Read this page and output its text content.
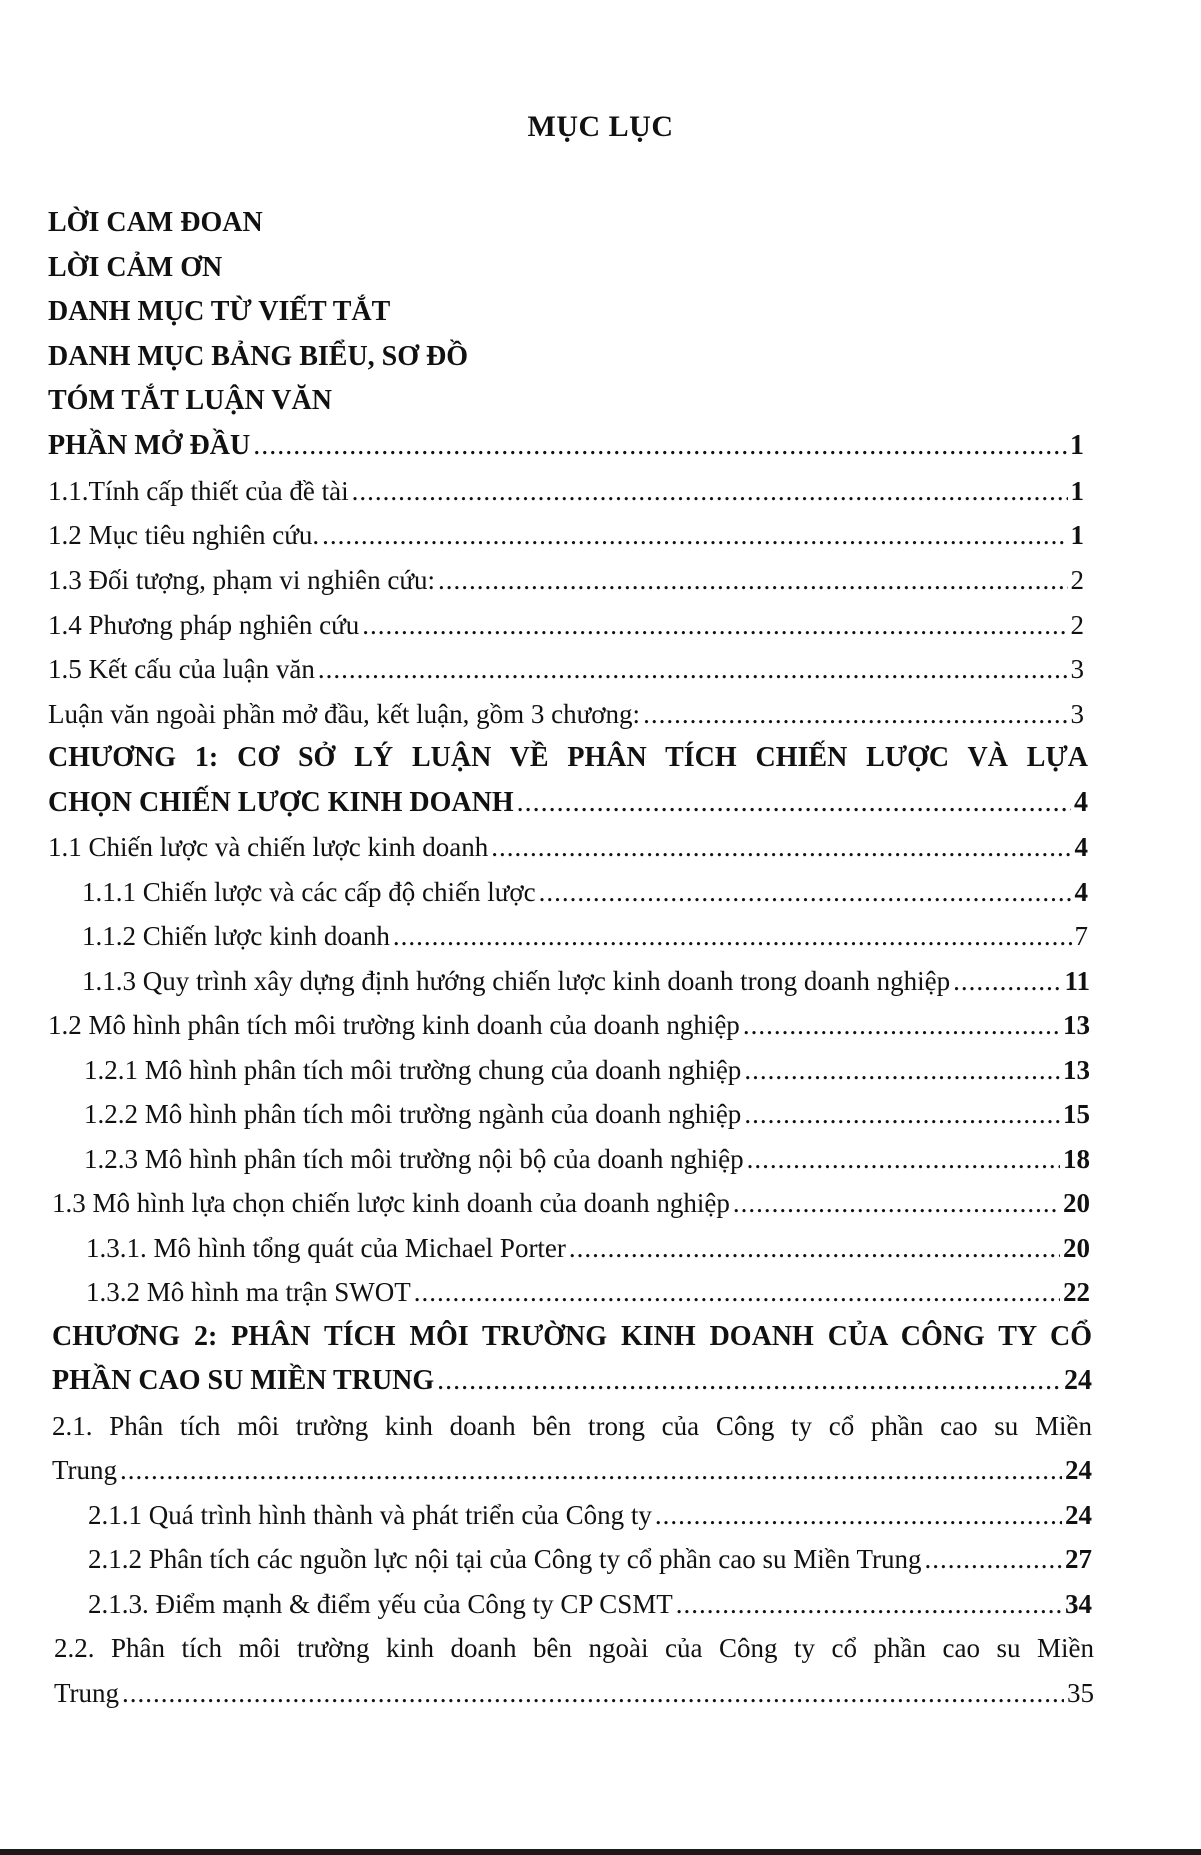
MỤC LỤC
LỜI CAM ĐOAN
LỜI CẢM ƠN
DANH MỤC TỪ VIẾT TẮT
DANH MỤC BẢNG BIỂU, SƠ ĐỒ
TÓM TẮT LUẬN VĂN
PHẦN MỞ ĐẦU .....	1
1.1.Tính cấp thiết của đề tài .....	1
1.2 Mục tiêu nghiên cứu. .....	1
1.3 Đối tượng, phạm vi nghiên cứu: .....	2
1.4 Phương pháp nghiên cứu .....	2
1.5 Kết cấu của luận văn .....	3
Luận văn ngoài phần mở đầu, kết luận, gồm 3 chương: .....	3
CHƯƠNG 1: CƠ SỞ LÝ LUẬN VỀ PHÂN TÍCH CHIẾN LƯỢC VÀ LỰA
CHỌN CHIẾN LƯỢC KINH DOANH .....	4
1.1 Chiến lược và chiến lược kinh doanh .....	4
1.1.1 Chiến lược và các cấp độ chiến lược .....	4
1.1.2 Chiến lược kinh doanh .....	7
1.1.3 Quy trình xây dựng định hướng chiến lược kinh doanh trong doanh nghiệp .....	11
1.2 Mô hình phân tích môi trường kinh doanh của doanh nghiệp .....	13
1.2.1 Mô hình phân tích môi trường chung của doanh nghiệp .....	13
1.2.2 Mô hình phân tích môi trường ngành của doanh nghiệp .....	15
1.2.3 Mô hình phân tích môi trường nội bộ của doanh nghiệp .....	18
1.3 Mô hình lựa chọn chiến lược kinh doanh của doanh nghiệp .....	20
1.3.1. Mô hình tổng quát của Michael Porter .....	20
1.3.2 Mô hình ma trận SWOT .....	22
CHƯƠNG 2: PHÂN TÍCH MÔI TRƯỜNG KINH DOANH CỦA CÔNG TY CỔ
PHẦN CAO SU MIỀN TRUNG .....	24
2.1. Phân tích môi trường kinh doanh bên trong của Công ty cổ phần cao su Miền
Trung .....	24
2.1.1 Quá trình hình thành và phát triển của Công ty .....	24
2.1.2 Phân tích các nguồn lực nội tại của Công ty cổ phần cao su Miền Trung .....	27
2.1.3. Điểm mạnh & điểm yếu của Công ty CP CSMT .....	34
2.2. Phân tích môi trường kinh doanh bên ngoài của Công ty cổ phần cao su Miền
Trung .....	35
